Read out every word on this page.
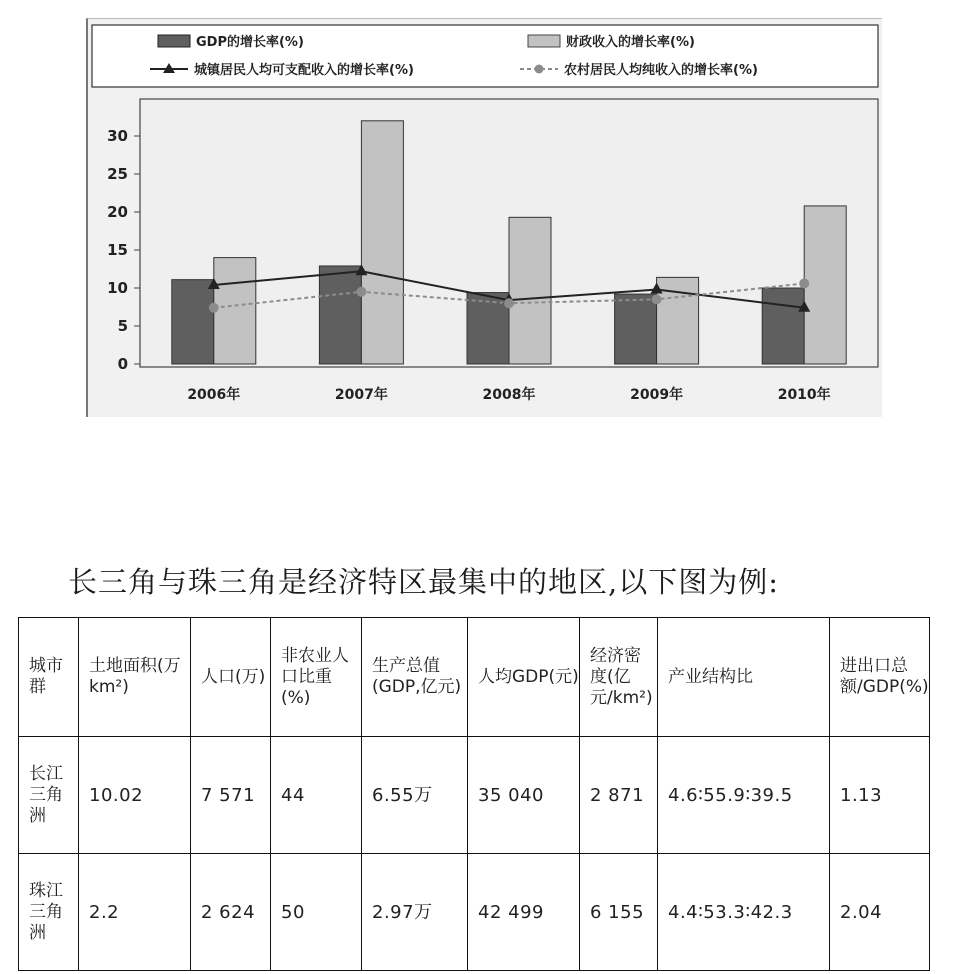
GDP的增长率(%)	财政收入的增长率(%)
城镇居民人均可支配收入的增长率(%)	农村居民人均纯收入的增长率(%)
0
5
10
15
20
25
30
2006年	2007年	2008年	2009年	2010年
长三角与珠三角是经济特区最集中的地区,以下图为例:
城市群	土地面积(万km²)	人口(万)	非农业人口比重(%)	生产总值(GDP,亿元)	人均GDP(元)	经济密度(亿元/km²)	产业结构比	进出口总额/GDP(%)
长江三角洲	10.02	7 571	44	6.55万	35 040	2 871	4.6∶55.9∶39.5	1.13
珠江三角洲	2.2	2 624	50	2.97万	42 499	6 155	4.4∶53.3∶42.3	2.04
